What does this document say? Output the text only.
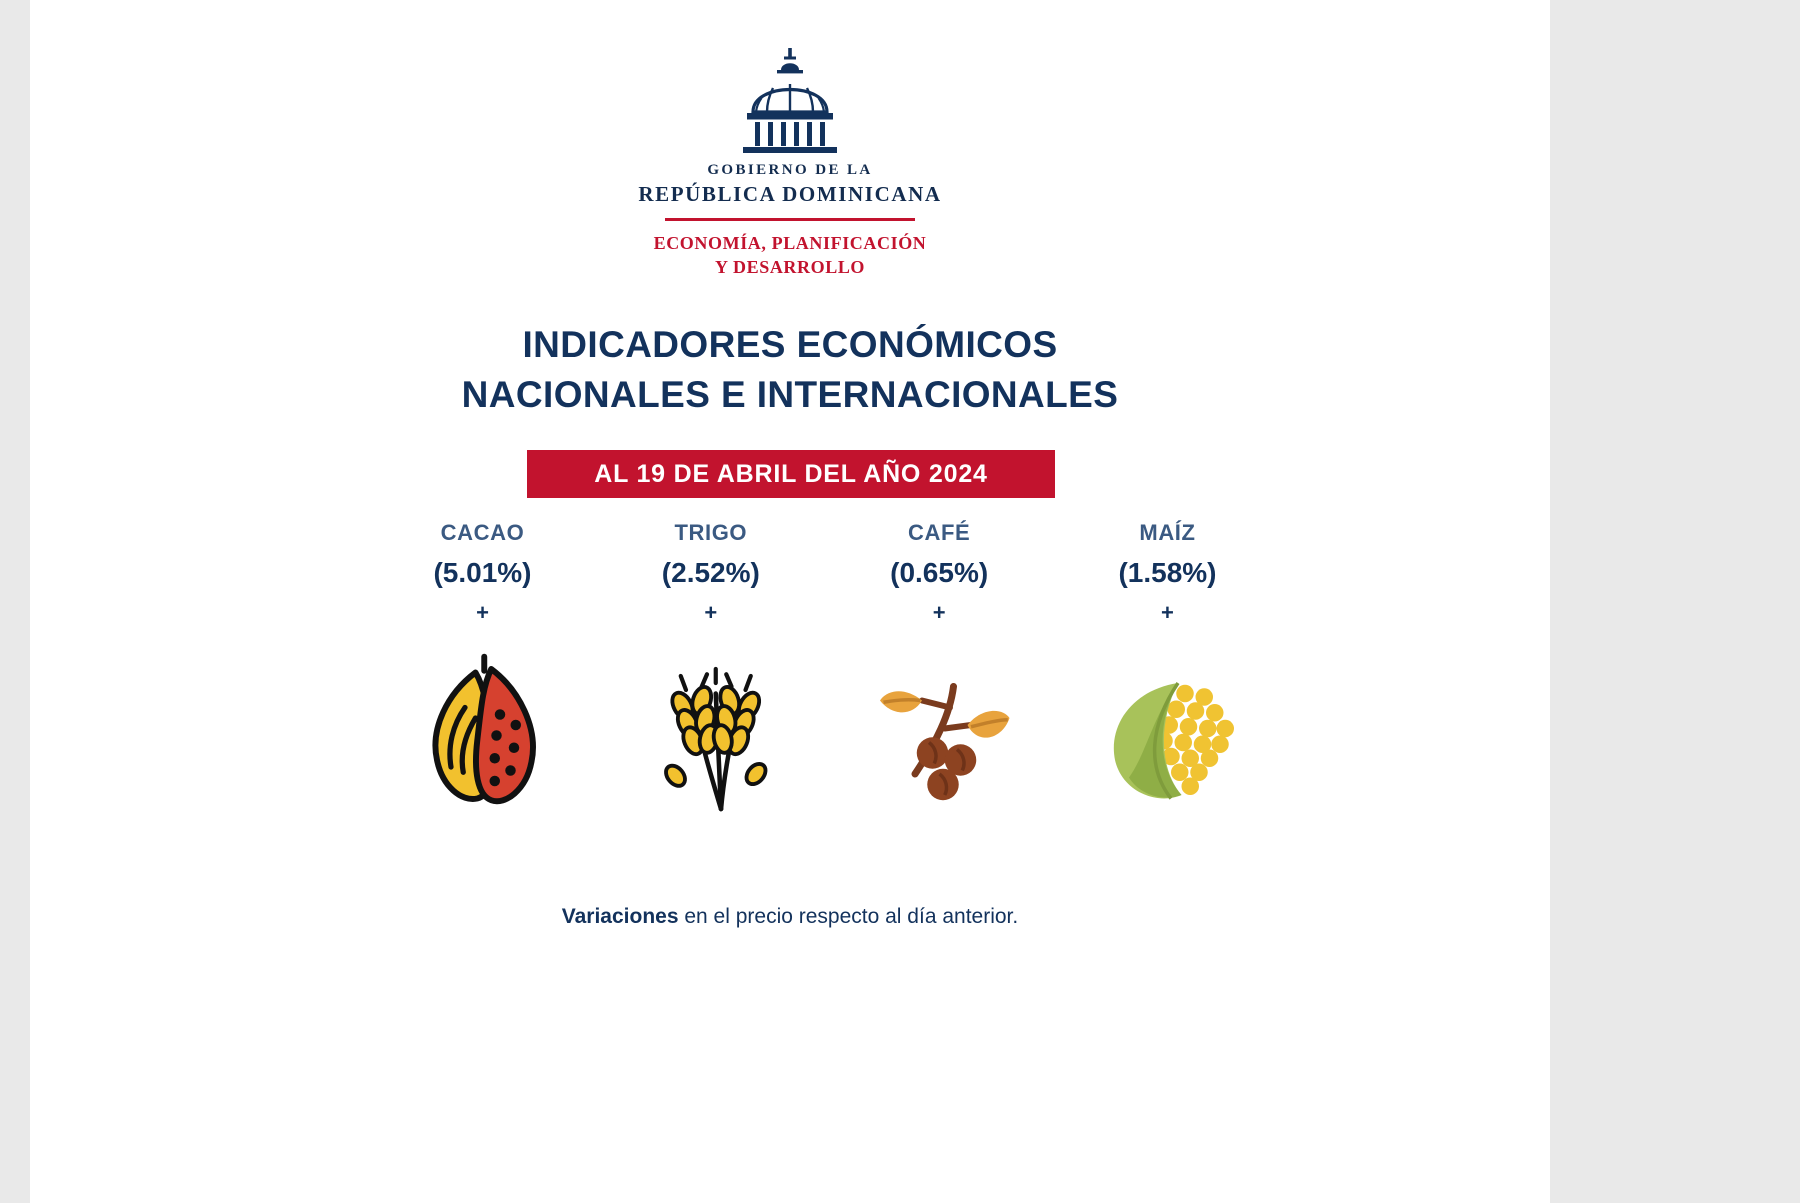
GOBIERNO DE LA
REPÚBLICA DOMINICANA
ECONOMÍA, PLANIFICACIÓN
Y DESARROLLO
INDICADORES ECONÓMICOS
NACIONALES E INTERNACIONALES
AL 19 DE ABRIL DEL AÑO 2024
CACAO
(5.01%)
+
TRIGO
(2.52%)
+
CAFÉ
(0.65%)
+
MAÍZ
(1.58%)
+
Variaciones en el precio respecto al día anterior.
